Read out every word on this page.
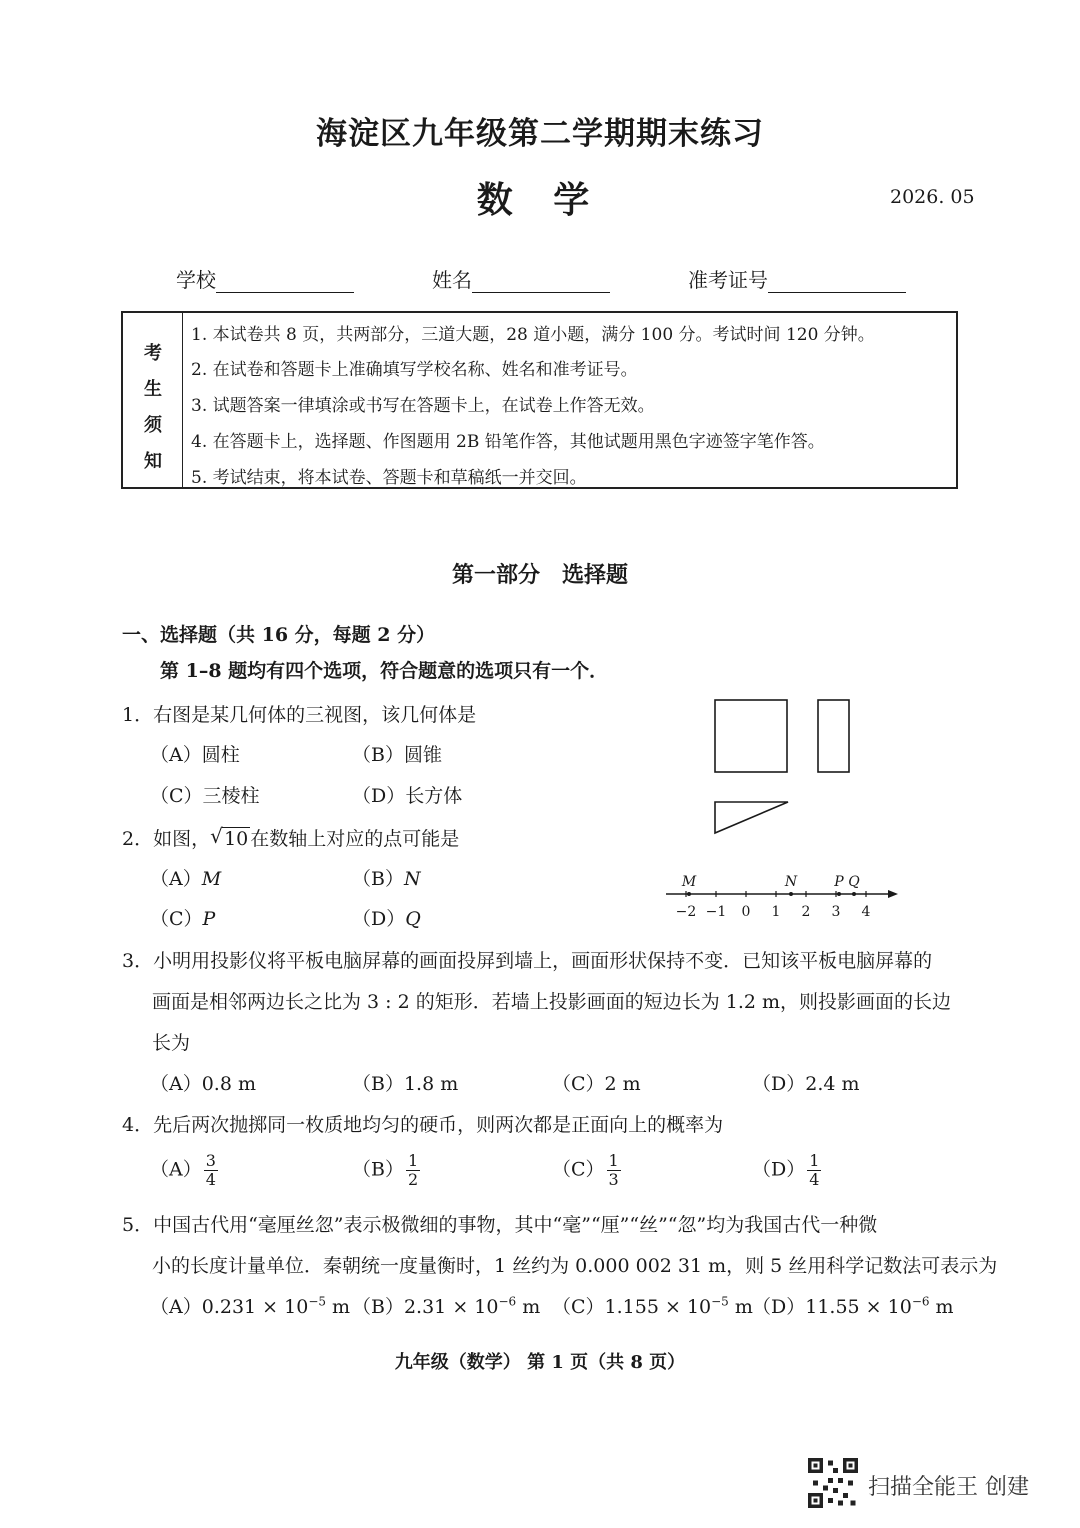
海淀区九年级第二学期期末练习
数 学	2026. 05
学校	姓名	准考证号
考
生
须
知
1. 本试卷共 8 页，共两部分，三道大题，28 道小题，满分 100 分。考试时间 120 分钟。
2. 在试卷和答题卡上准确填写学校名称、姓名和准考证号。
3. 试题答案一律填涂或书写在答题卡上，在试卷上作答无效。
4. 在答题卡上，选择题、作图题用 2B 铅笔作答，其他试题用黑色字迹签字笔作答。
5. 考试结束，将本试卷、答题卡和草稿纸一并交回。
第一部分　选择题
一、选择题（共 16 分，每题 2 分）
第 1–8 题均有四个选项，符合题意的选项只有一个．
1．右图是某几何体的三视图，该几何体是
（A）圆柱	（B）圆锥
（C）三棱柱	（D）长方体
2．如图， √ 10 在数轴上对应的点可能是
（A）M	（B）N
（C）P	（D）Q	−2 −1 0 1 2 3 4
M	N	P Q
3．小明用投影仪将平板电脑屏幕的画面投屏到墙上，画面形状保持不变．已知该平板电脑屏幕的
画面是相邻两边长之比为 3 : 2 的矩形．若墙上投影画面的短边长为 1.2 m，则投影画面的长边
长为
（A）0.8 m	（B）1.8 m	（C）2 m	（D）2.4 m
4．先后两次抛掷同一枚质地均匀的硬币，则两次都是正面向上的概率为
$(A) \frac{3}{4}$	$(B) \frac{1}{2}$	$(C) \frac{1}{3}$	$(D) \frac{1}{4}$
5．中国古代用“毫厘丝忽”表示极微细的事物，其中“毫”“厘”“丝”“忽”均为我国古代一种微
小的长度计量单位．秦朝统一度量衡时，1 丝约为 0.000 002 31 m，则 5 丝用科学记数法可表示为
$(A)0.231 \times 10^{-5}$ m $(B)2.31 \times 10^{-6}$ m $(C)1.155 \times 10^{-5}$ m $(D)11.55 \times 10^{-6}$ m
九年级（数学） 第 1 页（共 8 页）
扫描全能王 创建
